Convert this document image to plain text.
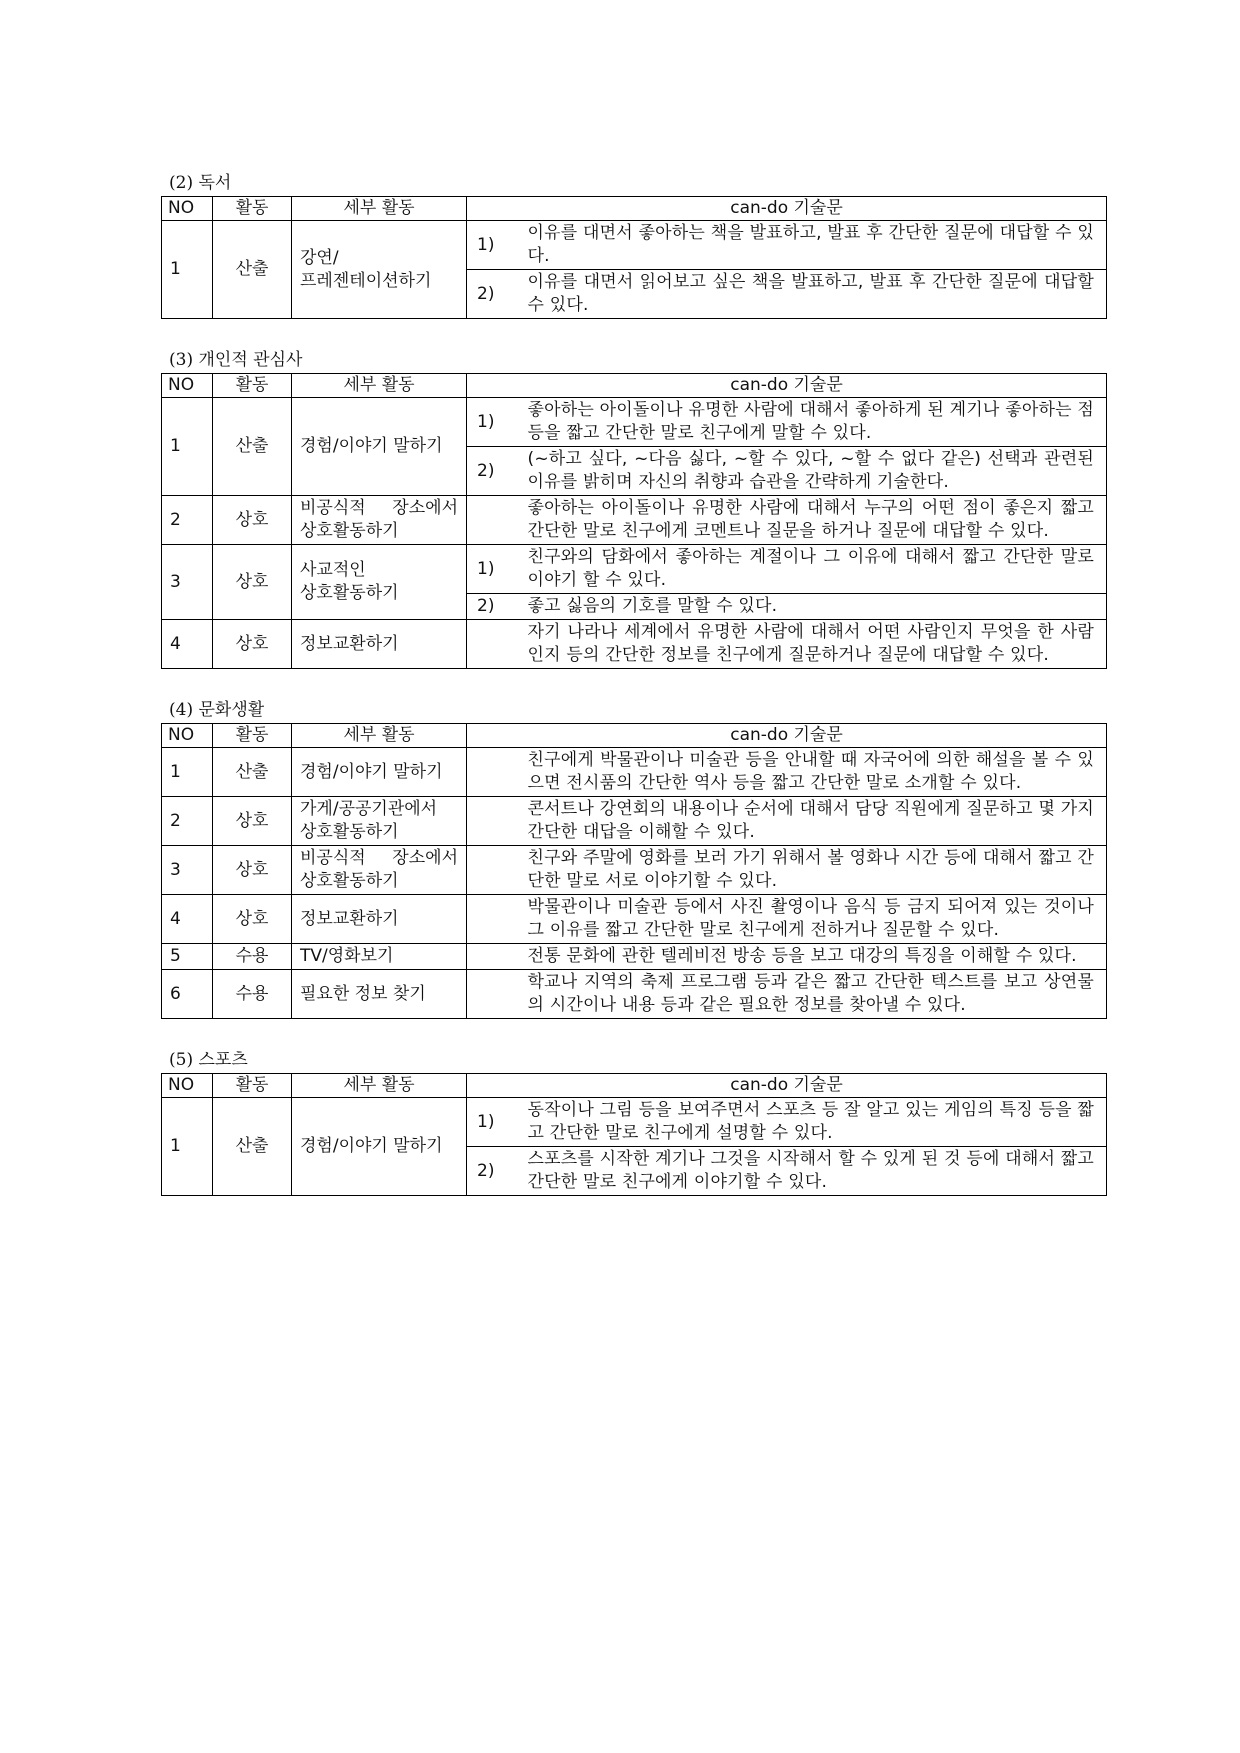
(2) 독서
NO	활동	세부 활동	can-do 기술문	
1	산출	강연/프레젠테이션하기	1)	이유를 대면서 좋아하는 책을 발표하고, 발표 후 간단한 질문에 대답할 수 있다.
			2)	이유를 대면서 읽어보고 싶은 책을 발표하고, 발표 후 간단한 질문에 대답할 수 있다.
(3) 개인적 관심사
NO	활동	세부 활동	can-do 기술문	
1	산출	경험/이야기 말하기	1)	좋아하는 아이돌이나 유명한 사람에 대해서 좋아하게 된 계기나 좋아하는 점 등을 짧고 간단한 말로 친구에게 말할 수 있다.
			2)	(~하고 싶다, ~다음 싫다, ~할 수 있다, ~할 수 없다 같은) 선택과 관련된 이유를 밝히며 자신의 취향과 습관을 간략하게 기술한다.
2	상호	비공식적 장소에서 상호활동하기		좋아하는 아이돌이나 유명한 사람에 대해서 누구의 어떤 점이 좋은지 짧고 간단한 말로 친구에게 코멘트나 질문을 하거나 질문에 대답할 수 있다.
3	상호	사교적인 상호활동하기	1)	친구와의 담화에서 좋아하는 계절이나 그 이유에 대해서 짧고 간단한 말로 이야기 할 수 있다.
			2)	좋고 싫음의 기호를 말할 수 있다.
4	상호	정보교환하기		자기 나라나 세계에서 유명한 사람에 대해서 어떤 사람인지 무엇을 한 사람인지 등의 간단한 정보를 친구에게 질문하거나 질문에 대답할 수 있다.
(4) 문화생활
NO	활동	세부 활동	can-do 기술문	
1	산출	경험/이야기 말하기		친구에게 박물관이나 미술관 등을 안내할 때 자국어에 의한 해설을 볼 수 있으면 전시품의 간단한 역사 등을 짧고 간단한 말로 소개할 수 있다.
2	상호	가게/공공기관에서 상호활동하기		콘서트나 강연회의 내용이나 순서에 대해서 담당 직원에게 질문하고 몇 가지 간단한 대답을 이해할 수 있다.
3	상호	비공식적 장소에서 상호활동하기		친구와 주말에 영화를 보러 가기 위해서 볼 영화나 시간 등에 대해서 짧고 간단한 말로 서로 이야기할 수 있다.
4	상호	정보교환하기		박물관이나 미술관 등에서 사진 촬영이나 음식 등 금지 되어져 있는 것이나 그 이유를 짧고 간단한 말로 친구에게 전하거나 질문할 수 있다.
5	수용	TV/영화보기		전통 문화에 관한 텔레비전 방송 등을 보고 대강의 특징을 이해할 수 있다.
6	수용	필요한 정보 찾기		학교나 지역의 축제 프로그램 등과 같은 짧고 간단한 텍스트를 보고 상연물의 시간이나 내용 등과 같은 필요한 정보를 찾아낼 수 있다.
(5) 스포츠
NO	활동	세부 활동	can-do 기술문	
1	산출	경험/이야기 말하기	1)	동작이나 그림 등을 보여주면서 스포츠 등 잘 알고 있는 게임의 특징 등을 짧고 간단한 말로 친구에게 설명할 수 있다.
			2)	스포츠를 시작한 계기나 그것을 시작해서 할 수 있게 된 것 등에 대해서 짧고 간단한 말로 친구에게 이야기할 수 있다.
